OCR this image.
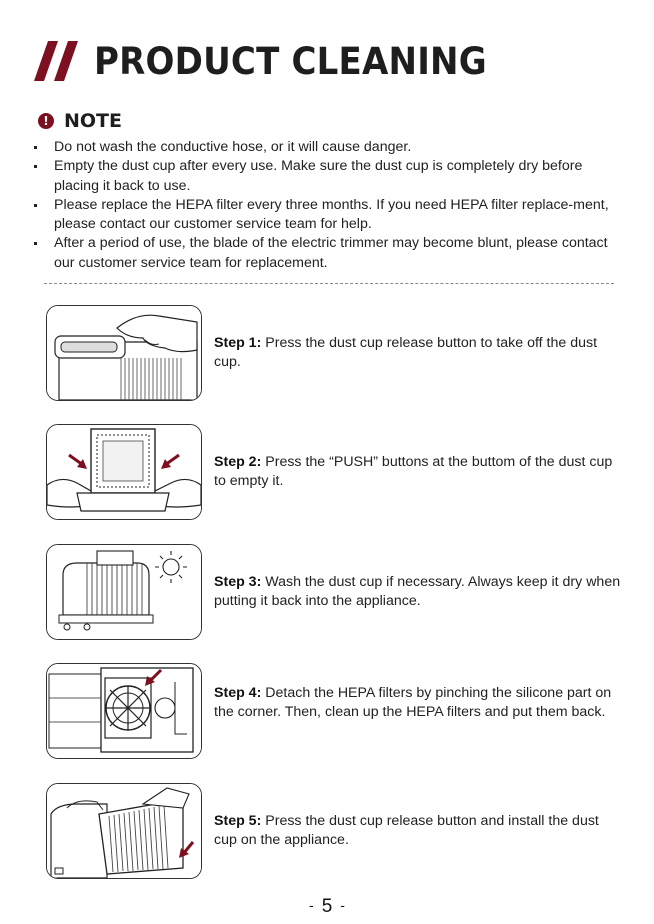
PRODUCT CLEANING
! NOTE
Do not wash the conductive hose, or it will cause danger.
Empty the dust cup after every use. Make sure the dust cup is completely dry before placing it back to use.
Please replace the HEPA filter every three months. If you need HEPA filter replace-ment, please contact our customer service team for help.
After a period of use, the blade of the electric trimmer may become blunt, please contact our customer service team for replacement.
Step 1: Press the dust cup release button to take off the dust cup.
Step 2: Press the “PUSH” buttons at the buttom of the dust cup to empty it.
Step 3: Wash the dust cup if necessary. Always keep it dry when putting it back into the appliance.
Step 4: Detach the HEPA filters by pinching the silicone part on the corner. Then, clean up the HEPA filters and put them back.
Step 5: Press the dust cup release button and install the dust cup on the appliance.
- 5 -
